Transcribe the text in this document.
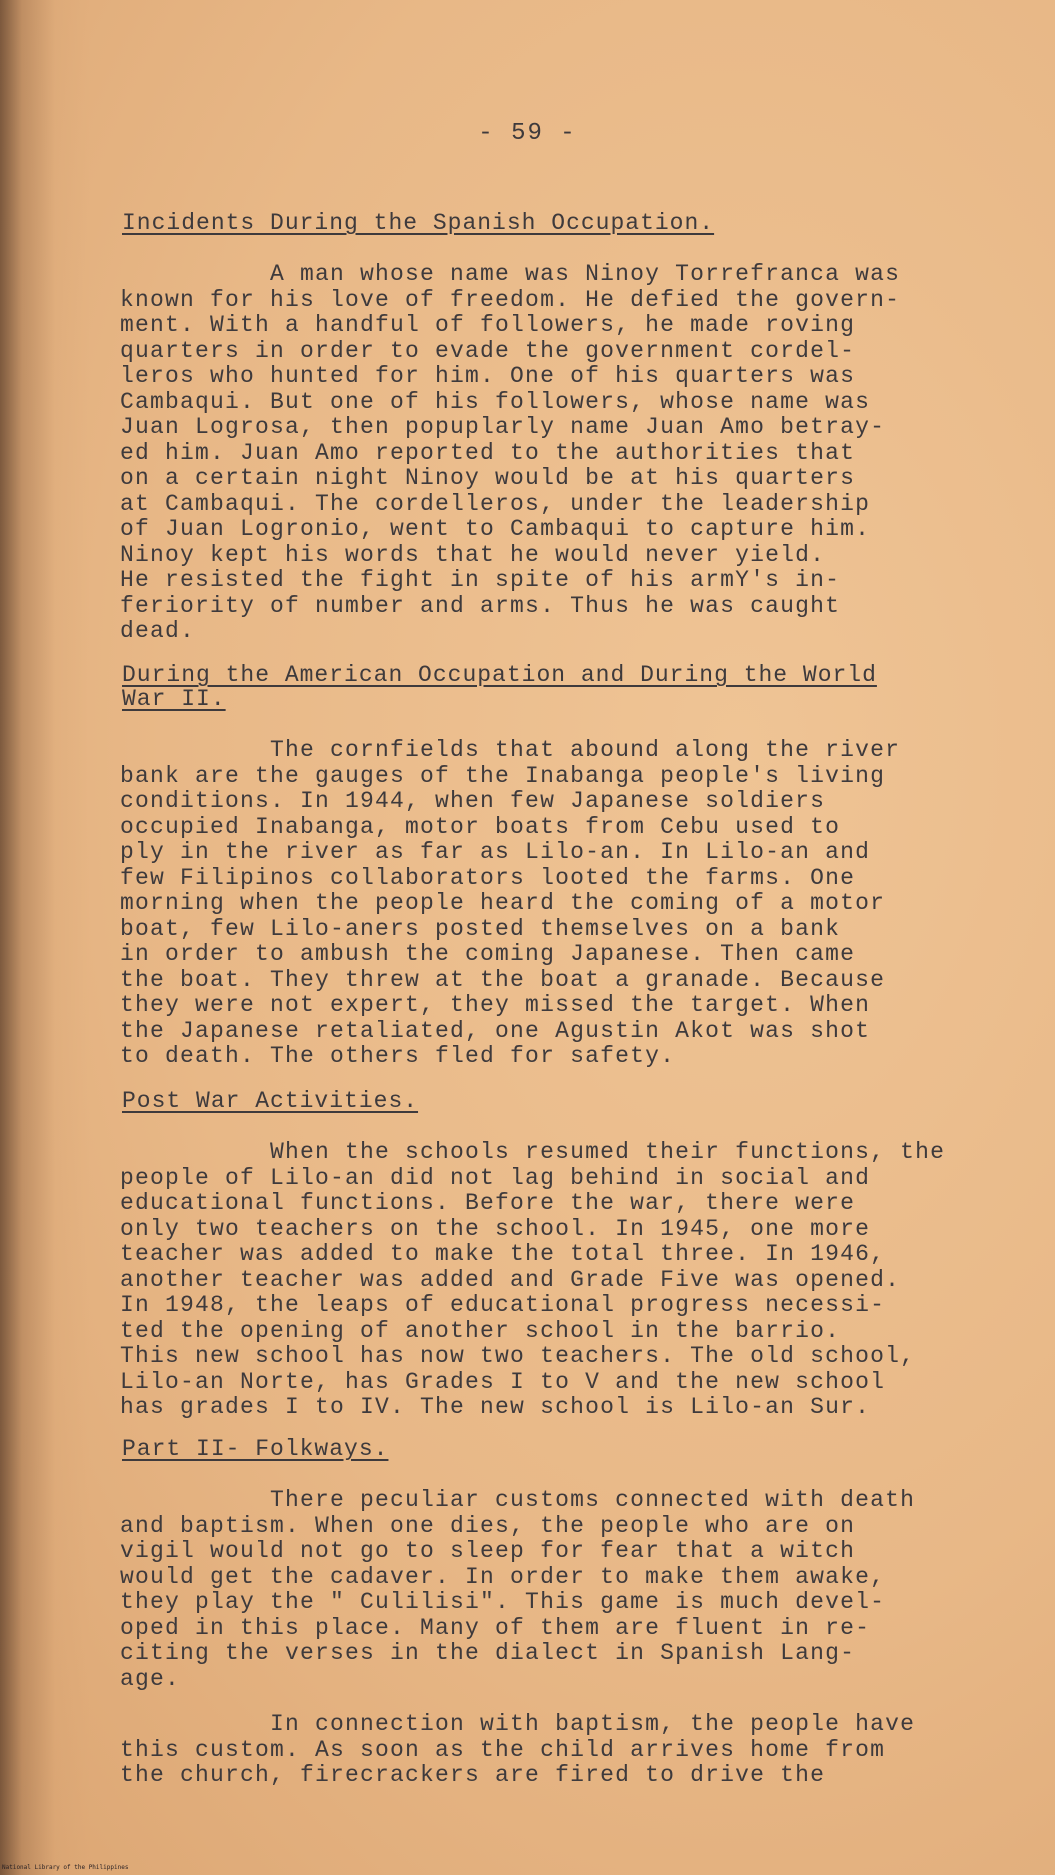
- 59 -
Incidents During the Spanish Occupation.
A man whose name was Ninoy Torrefranca was
known for his love of freedom. He defied the govern-
ment. With a handful of followers, he made roving
quarters in order to evade the government cordel-
leros who hunted for him. One of his quarters was
Cambaqui. But one of his followers, whose name was
Juan Logrosa, then popuplarly name Juan Amo betray-
ed him. Juan Amo reported to the authorities that
on a certain night Ninoy would be at his quarters
at Cambaqui. The cordelleros, under the leadership
of Juan Logronio, went to Cambaqui to capture him.
Ninoy kept his words that he would never yield.
He resisted the fight in spite of his armY's in-
feriority of number and arms. Thus he was caught
dead.
During the American Occupation and During the World
War II.
The cornfields that abound along the river
bank are the gauges of the Inabanga people's living
conditions. In 1944, when few Japanese soldiers
occupied Inabanga, motor boats from Cebu used to
ply in the river as far as Lilo-an. In Lilo-an and
few Filipinos collaborators looted the farms. One
morning when the people heard the coming of a motor
boat, few Lilo-aners posted themselves on a bank
in order to ambush the coming Japanese. Then came
the boat. They threw at the boat a granade. Because
they were not expert, they missed the target. When
the Japanese retaliated, one Agustin Akot was shot
to death. The others fled for safety.
Post War Activities.
When the schools resumed their functions, the
people of Lilo-an did not lag behind in social and
educational functions. Before the war, there were
only two teachers on the school. In 1945, one more
teacher was added to make the total three. In 1946,
another teacher was added and Grade Five was opened.
In 1948, the leaps of educational progress necessi-
ted the opening of another school in the barrio.
This new school has now two teachers. The old school,
Lilo-an Norte, has Grades I to V and the new school
has grades I to IV. The new school is Lilo-an Sur.
Part II- Folkways.
There peculiar customs connected with death
and baptism. When one dies, the people who are on
vigil would not go to sleep for fear that a witch
would get the cadaver. In order to make them awake,
they play the " Culilisi". This game is much devel-
oped in this place. Many of them are fluent in re-
citing the verses in the dialect in Spanish Lang-
age.
In connection with baptism, the people have
this custom. As soon as the child arrives home from
the church, firecrackers are fired to drive the
National Library of the Philippines
